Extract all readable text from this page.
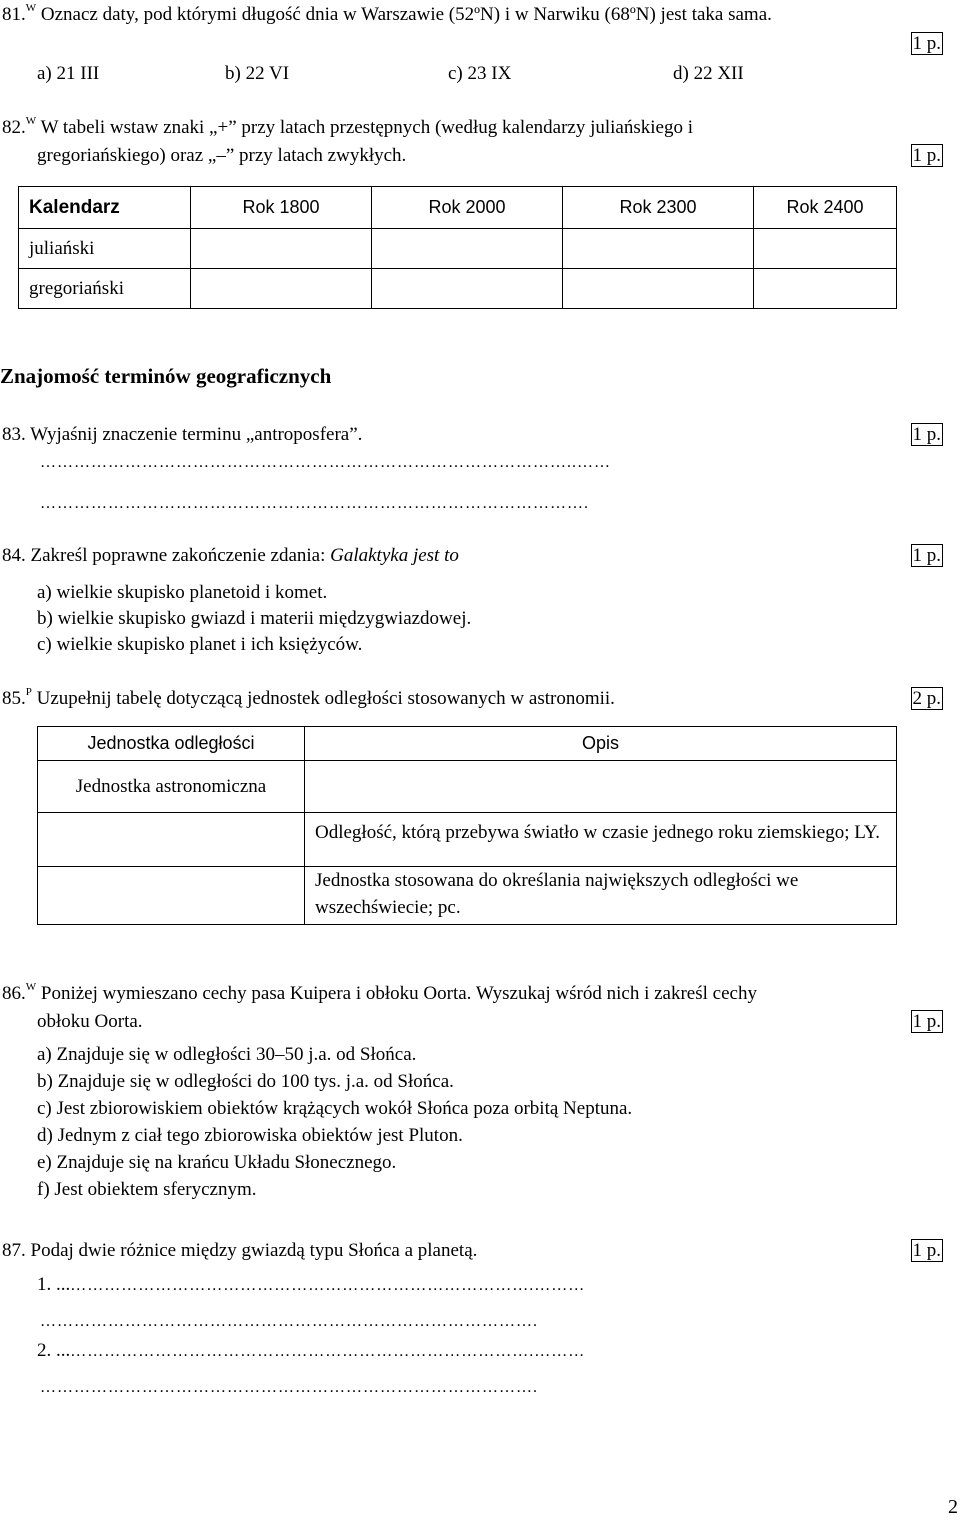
81.$^W$ Oznacz daty, pod którymi długość dnia w Warszawie (52ºN) i w Narwiku (68ºN) jest taka sama.
1 p.
a) 21 III	b) 22 VI	c) 23 IX	d) 22 XII
82.$^W$ W tabeli wstaw znaki „+” przy latach przestępnych (według kalendarzy juliańskiego i
gregoriańskiego) oraz „–” przy latach zwykłych.	1 p.
Kalendarz	Rok 1800	Rok 2000	Rok 2300	Rok 2400
juliański				
gregoriański				
Znajomość terminów geograficznych
83. Wyjaśnij znaczenie terminu „antroposfera”.	1 p.
…………………………………………………………………………………..……
…………………………………………………………………………………….
84. Zakreśl poprawne zakończenie zdania: Galaktyka jest to	1 p.
a) wielkie skupisko planetoid i komet.
b) wielkie skupisko gwiazd i materii międzygwiazdowej.
c) wielkie skupisko planet i ich księżyców.
85.$^P$ Uzupełnij tabelę dotyczącą jednostek odległości stosowanych w astronomii.	2 p.
Jednostka odległości	Opis
Jednostka astronomiczna	
	Odległość, którą przebywa światło w czasie jednego roku ziemskiego; LY.
	Jednostka stosowana do określania największych odległości we wszechświecie; pc.
86.$^W$ Poniżej wymieszano cechy pasa Kuipera i obłoku Oorta. Wyszukaj wśród nich i zakreśl cechy
obłoku Oorta.	1 p.
a) Znajduje się w odległości 30–50 j.a. od Słońca.
b) Znajduje się w odległości do 100 tys. j.a. od Słońca.
c) Jest zbiorowiskiem obiektów krążących wokół Słońca poza orbitą Neptuna.
d) Jednym z ciał tego zbiorowiska obiektów jest Pluton.
e) Znajduje się na krańcu Układu Słonecznego.
f) Jest obiektem sferycznym.
87. Podaj dwie różnice między gwiazdą typu Słońca a planetą.	1 p.
1. ...……………………………………………………………………….………
…………………………………………………………………………….
2. ...……………………………………………………………………….………
…………………………………………………………………………….
2
